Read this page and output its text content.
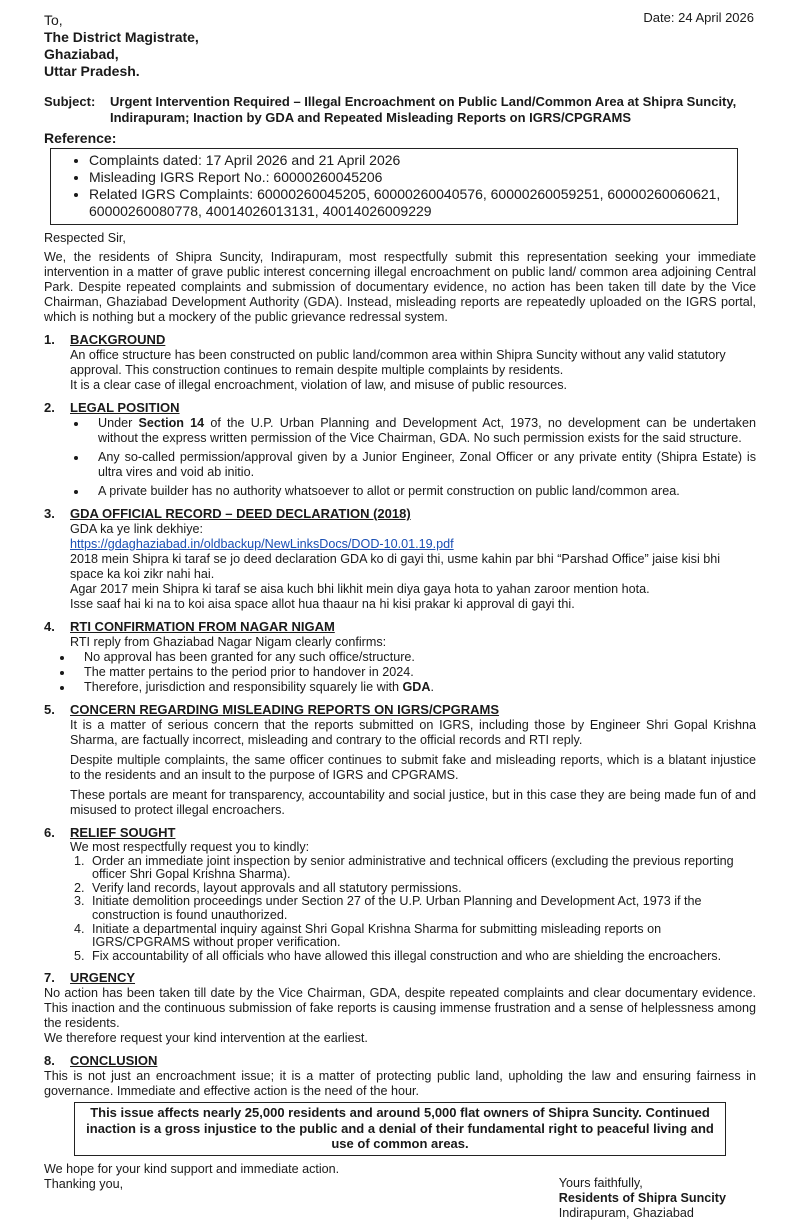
Date: 24 April 2026
To,
The District Magistrate,
Ghaziabad,
Uttar Pradesh.
Subject:	Urgent Intervention Required – Illegal Encroachment on Public Land/Common Area at Shipra Suncity, Indirapuram; Inaction by GDA and Repeated Misleading Reports on IGRS/CPGRAMS
Reference:
• Complaints dated: 17 April 2026 and 21 April 2026
• Misleading IGRS Report No.: 60000260045206
• Related IGRS Complaints: 60000260045205, 60000260040576, 60000260059251, 60000260060621, 60000260080778, 40014026013131, 40014026009229
Respected Sir,
We, the residents of Shipra Suncity, Indirapuram, most respectfully submit this representation seeking your immediate intervention in a matter of grave public interest concerning illegal encroachment on public land/ common area adjoining Central Park. Despite repeated complaints and submission of documentary evidence, no action has been taken till date by the Vice Chairman, Ghaziabad Development Authority (GDA). Instead, misleading reports are repeatedly uploaded on the IGRS portal, which is nothing but a mockery of the public grievance redressal system.
1.	BACKGROUND
An office structure has been constructed on public land/common area within Shipra Suncity without any valid statutory approval. This construction continues to remain despite multiple complaints by residents.
It is a clear case of illegal encroachment, violation of law, and misuse of public resources.
2.	LEGAL POSITION
• Under Section 14 of the U.P. Urban Planning and Development Act, 1973, no development can be undertaken without the express written permission of the Vice Chairman, GDA. No such permission exists for the said structure.
• Any so-called permission/approval given by a Junior Engineer, Zonal Officer or any private entity (Shipra Estate) is ultra vires and void ab initio.
• A private builder has no authority whatsoever to allot or permit construction on public land/common area.
3.	GDA OFFICIAL RECORD – DEED DECLARATION (2018)
GDA ka ye link dekhiye:
https://gdaghaziabad.in/oldbackup/NewLinksDocs/DOD-10.01.19.pdf
2018 mein Shipra ki taraf se jo deed declaration GDA ko di gayi thi, usme kahin par bhi “Parshad Office” jaise kisi bhi space ka koi zikr nahi hai.
Agar 2017 mein Shipra ki taraf se aisa kuch bhi likhit mein diya gaya hota to yahan zaroor mention hota.
Isse saaf hai ki na to koi aisa space allot hua thaaur na hi kisi prakar ki approval di gayi thi.
4.	RTI CONFIRMATION FROM NAGAR NIGAM
RTI reply from Ghaziabad Nagar Nigam clearly confirms:
• No approval has been granted for any such office/structure.
• The matter pertains to the period prior to handover in 2024.
• Therefore, jurisdiction and responsibility squarely lie with GDA.
5.	CONCERN REGARDING MISLEADING REPORTS ON IGRS/CPGRAMS
It is a matter of serious concern that the reports submitted on IGRS, including those by Engineer Shri Gopal Krishna Sharma, are factually incorrect, misleading and contrary to the official records and RTI reply.
Despite multiple complaints, the same officer continues to submit fake and misleading reports, which is a blatant injustice to the residents and an insult to the purpose of IGRS and CPGRAMS.
These portals are meant for transparency, accountability and social justice, but in this case they are being made fun of and misused to protect illegal encroachers.
6.	RELIEF SOUGHT
We most respectfully request you to kindly:
1. Order an immediate joint inspection by senior administrative and technical officers (excluding the previous reporting officer Shri Gopal Krishna Sharma).
2. Verify land records, layout approvals and all statutory permissions.
3. Initiate demolition proceedings under Section 27 of the U.P. Urban Planning and Development Act, 1973 if the construction is found unauthorized.
4. Initiate a departmental inquiry against Shri Gopal Krishna Sharma for submitting misleading reports on IGRS/CPGRAMS without proper verification.
5. Fix accountability of all officials who have allowed this illegal construction and who are shielding the encroachers.
7.	URGENCY
No action has been taken till date by the Vice Chairman, GDA, despite repeated complaints and clear documentary evidence. This inaction and the continuous submission of fake reports is causing immense frustration and a sense of helplessness among the residents.
We therefore request your kind intervention at the earliest.
8.	CONCLUSION
This is not just an encroachment issue; it is a matter of protecting public land, upholding the law and ensuring fairness in governance. Immediate and effective action is the need of the hour.
This issue affects nearly 25,000 residents and around 5,000 flat owners of Shipra Suncity. Continued inaction is a gross injustice to the public and a denial of their fundamental right to peaceful living and use of common areas.
We hope for your kind support and immediate action.
Thanking you,	Yours faithfully,
Residents of Shipra Suncity
Indirapuram, Ghaziabad
